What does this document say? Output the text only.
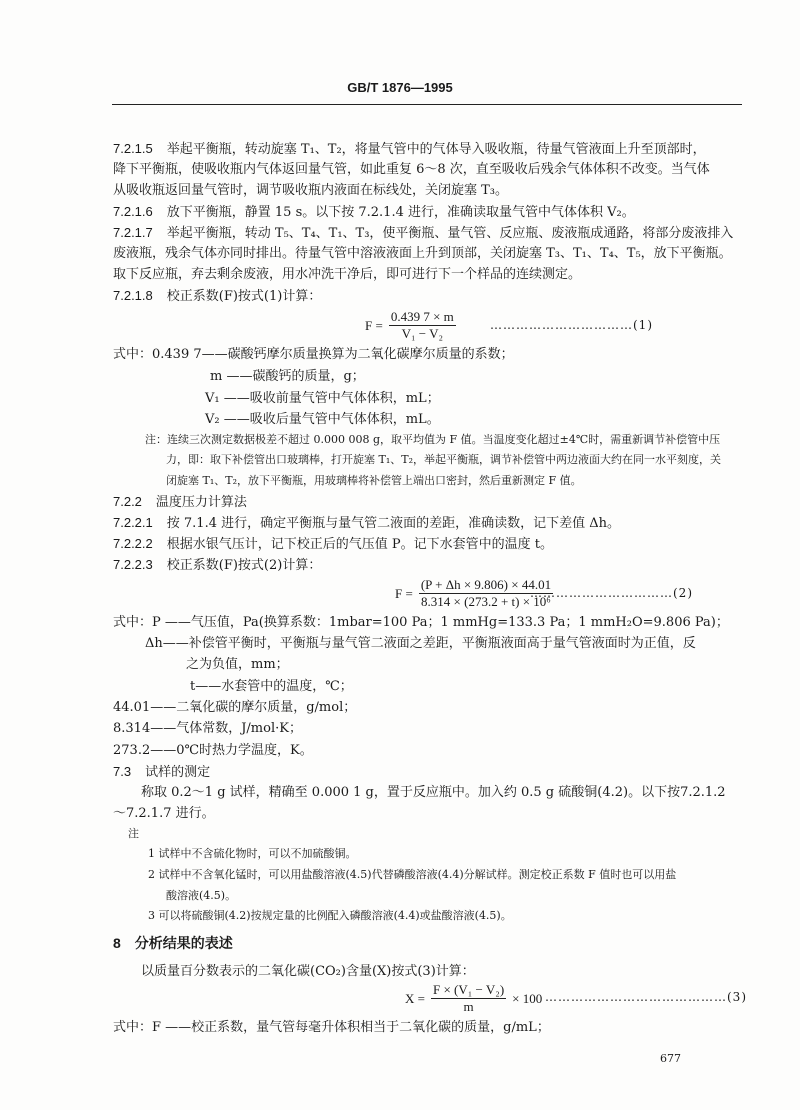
GB/T 1876—1995
7.2.1.5 举起平衡瓶，转动旋塞 T₁、T₂，将量气管中的气体导入吸收瓶，待量气管液面上升至顶部时，
降下平衡瓶，使吸收瓶内气体返回量气管，如此重复 6～8 次，直至吸收后残余气体体积不改变。当气体
从吸收瓶返回量气管时，调节吸收瓶内液面在标线处，关闭旋塞 T₃。
7.2.1.6 放下平衡瓶，静置 15 s。以下按 7.2.1.4 进行，准确读取量气管中气体体积 V₂。
7.2.1.7 举起平衡瓶，转动 T₅、T₄、T₁、T₃，使平衡瓶、量气管、反应瓶、废液瓶成通路，将部分废液排入
废液瓶，残余气体亦同时排出。待量气管中溶液液面上升到顶部，关闭旋塞 T₃、T₁、T₄、T₅，放下平衡瓶。
取下反应瓶，弃去剩余废液，用水冲洗干净后，即可进行下一个样品的连续测定。
7.2.1.8 校正系数(F)按式(1)计算：
式中：0.439 7——碳酸钙摩尔质量换算为二氧化碳摩尔质量的系数；
m ——碳酸钙的质量，g；
V₁ ——吸收前量气管中气体体积，mL；
V₂ ——吸收后量气管中气体体积，mL。
注：连续三次测定数据极差不超过 0.000 008 g，取平均值为 F 值。当温度变化超过±4℃时，需重新调节补偿管中压
力，即：取下补偿管出口玻璃棒，打开旋塞 T₁、T₂，举起平衡瓶，调节补偿管中两边液面大约在同一水平刻度，关
闭旋塞 T₁、T₂，放下平衡瓶，用玻璃棒将补偿管上端出口密封，然后重新测定 F 值。
7.2.2 温度压力计算法
7.2.2.1 按 7.1.4 进行，确定平衡瓶与量气管二液面的差距，准确读数，记下差值 Δh。
7.2.2.2 根据水银气压计，记下校正后的气压值 P。记下水套管中的温度 t。
7.2.2.3 校正系数(F)按式(2)计算：
式中：P ——气压值，Pa(换算系数：1mbar=100 Pa；1 mmHg=133.3 Pa；1 mmH₂O=9.806 Pa)；
Δh——补偿管平衡时，平衡瓶与量气管二液面之差距，平衡瓶液面高于量气管液面时为正值，反
之为负值，mm；
t——水套管中的温度，℃；
44.01——二氧化碳的摩尔质量，g/mol；
8.314——气体常数，J/mol·K；
273.2——0℃时热力学温度，K。
7.3 试样的测定
称取 0.2～1 g 试样，精确至 0.000 1 g，置于反应瓶中。加入约 0.5 g 硫酸铜(4.2)。以下按7.2.1.2
～7.2.1.7 进行。
注
1 试样中不含硫化物时，可以不加硫酸铜。
2 试样中不含氧化锰时，可以用盐酸溶液(4.5)代替磷酸溶液(4.4)分解试样。测定校正系数 F 值时也可以用盐
酸溶液(4.5)。
3 可以将硫酸铜(4.2)按规定量的比例配入磷酸溶液(4.4)或盐酸溶液(4.5)。
8 分析结果的表述
以质量百分数表示的二氧化碳(CO₂)含量(X)按式(3)计算：
式中：F ——校正系数，量气管每毫升体积相当于二氧化碳的质量，g/mL；
$F = \frac{0.439 7 \times m}{\text{V₁ − V₂}}$	……………………………(1)
$F = \frac{(P + \Delta h \times 9.806) \times 44.01}{\text{8.314 × (273.2 + t) × 10⁶}}$
……………………………(2)
$X = \frac{\text{F × (V₁ − V₂)}}{m} \times 100$ ……………………………………(3)
677
